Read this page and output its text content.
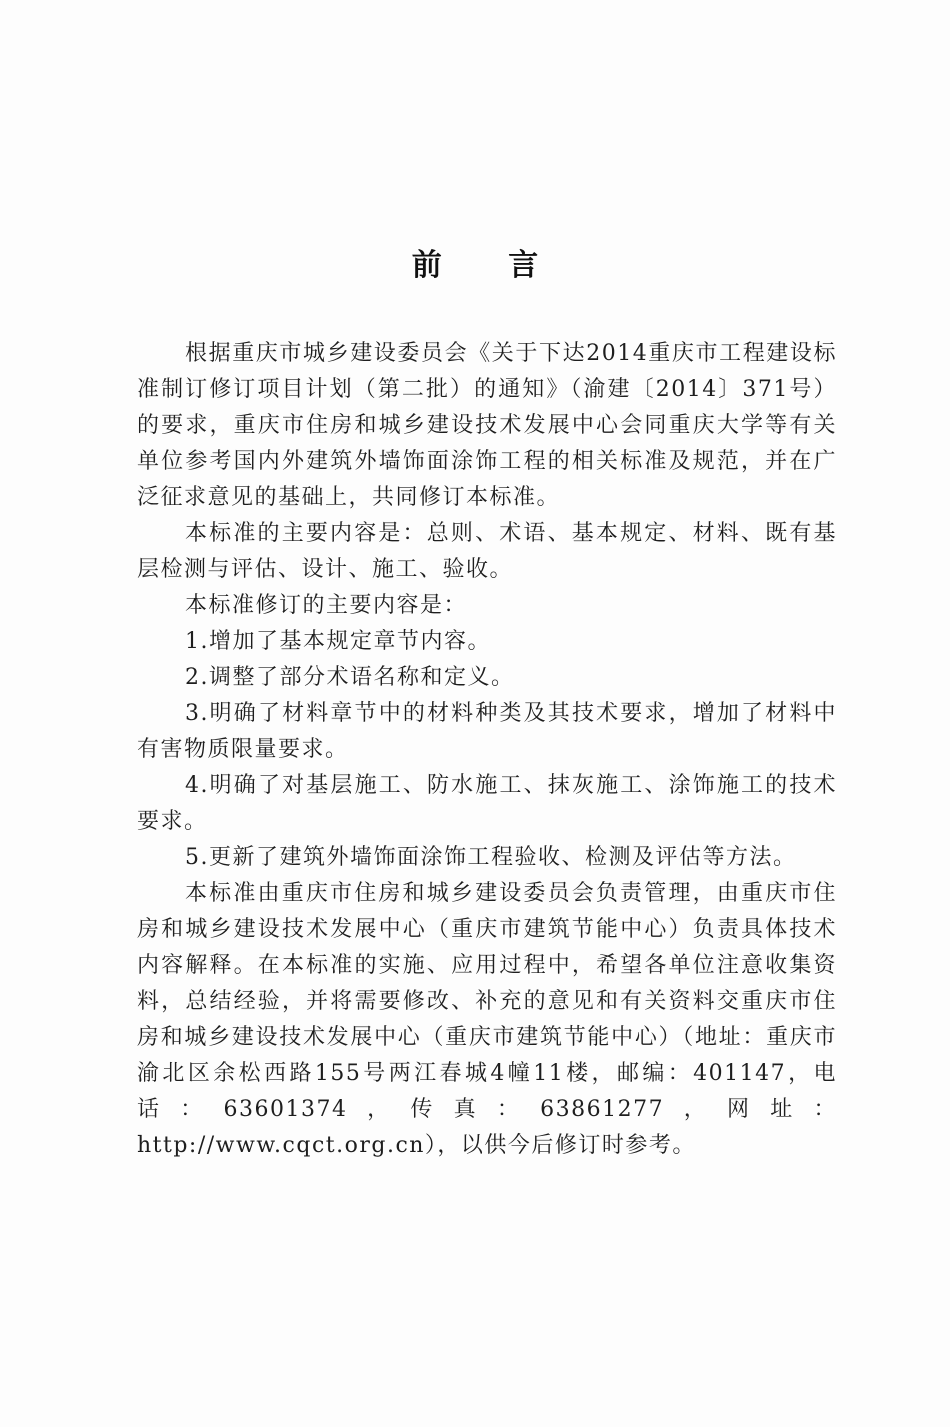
前 言

根据重庆市城乡建设委员会《关于下达2014重庆市工程建设标准制订修订项目计划（第二批）的通知》（渝建〔2014〕371号）的要求，重庆市住房和城乡建设技术发展中心会同重庆大学等有关单位参考国内外建筑外墙饰面涂饰工程的相关标准及规范，并在广泛征求意见的基础上，共同修订本标准。

本标准的主要内容是：总则、术语、基本规定、材料、既有基层检测与评估、设计、施工、验收。

本标准修订的主要内容是：

1.增加了基本规定章节内容。

2.调整了部分术语名称和定义。

3.明确了材料章节中的材料种类及其技术要求，增加了材料中有害物质限量要求。

4.明确了对基层施工、防水施工、抹灰施工、涂饰施工的技术要求。

5.更新了建筑外墙饰面涂饰工程验收、检测及评估等方法。

本标准由重庆市住房和城乡建设委员会负责管理，由重庆市住房和城乡建设技术发展中心（重庆市建筑节能中心）负责具体技术内容解释。在本标准的实施、应用过程中，希望各单位注意收集资料，总结经验，并将需要修改、补充的意见和有关资料交重庆市住房和城乡建设技术发展中心（重庆市建筑节能中心）（地址：重庆市渝北区余松西路155号两江春城4幢11楼，邮编：401147，电话：63601374，传真：63861277，网址：http://www.cqct.org.cn），以供今后修订时参考。
